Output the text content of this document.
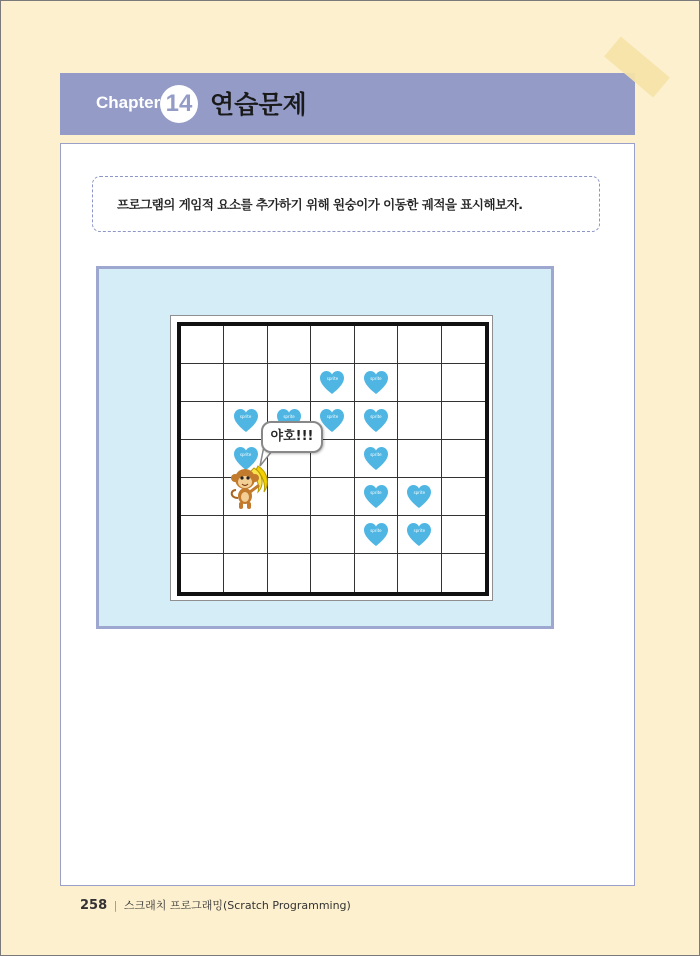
Chapter 14 연습문제
프로그램의 게임적 요소를 추가하기 위해 원숭이가 이동한 궤적을 표시해보자.
sprite	sprite
sprite	sprite	sprite	sprite
sprite	sprite
sprite	sprite
sprite	sprite
야호!!!
258 | 스크래치 프로그래밍(Scratch Programming)
